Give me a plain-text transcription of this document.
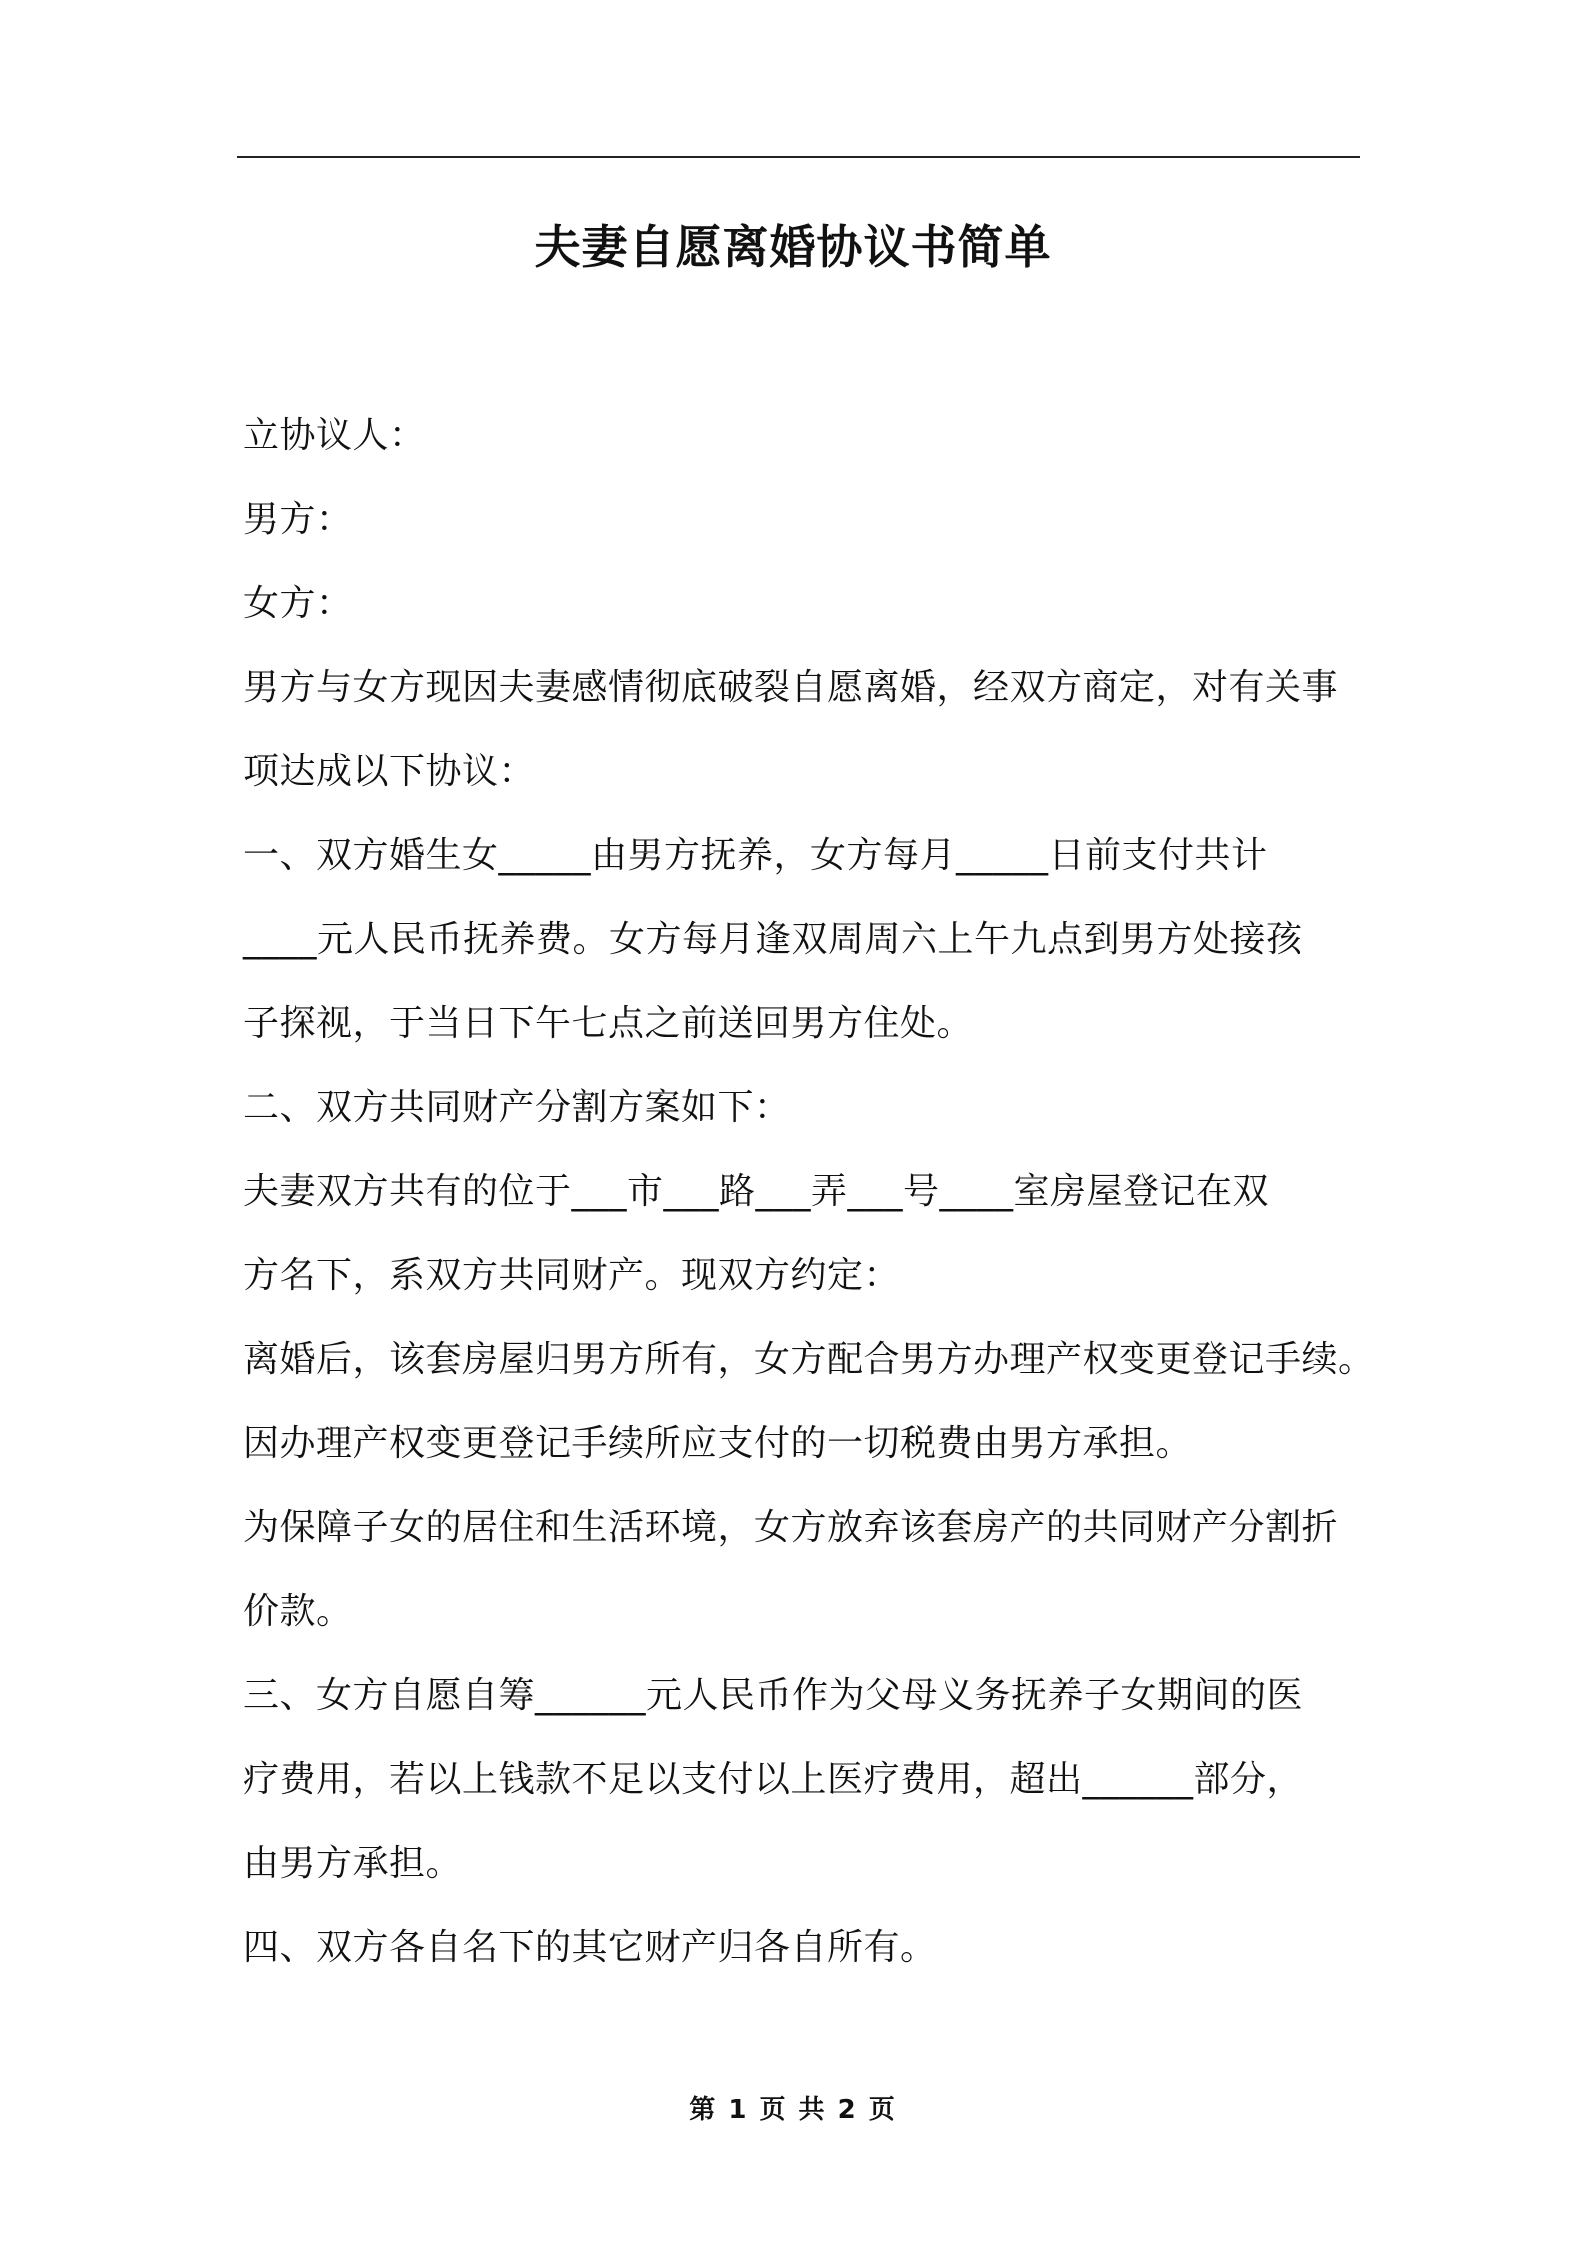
夫妻自愿离婚协议书简单
立协议人：
男方：
女方：
男方与女方现因夫妻感情彻底破裂自愿离婚，经双方商定，对有关事
项达成以下协议：
一、双方婚生女_____由男方抚养，女方每月_____日前支付共计
____元人民币抚养费。女方每月逢双周周六上午九点到男方处接孩
子探视，于当日下午七点之前送回男方住处。
二、双方共同财产分割方案如下：
夫妻双方共有的位于___市___路___弄___号____室房屋登记在双
方名下，系双方共同财产。现双方约定：
离婚后，该套房屋归男方所有，女方配合男方办理产权变更登记手续。
因办理产权变更登记手续所应支付的一切税费由男方承担。
为保障子女的居住和生活环境，女方放弃该套房产的共同财产分割折
价款。
三、女方自愿自筹______元人民币作为父母义务抚养子女期间的医
疗费用，若以上钱款不足以支付以上医疗费用，超出______部分，
由男方承担。
四、双方各自名下的其它财产归各自所有。
第 1 页 共 2 页
